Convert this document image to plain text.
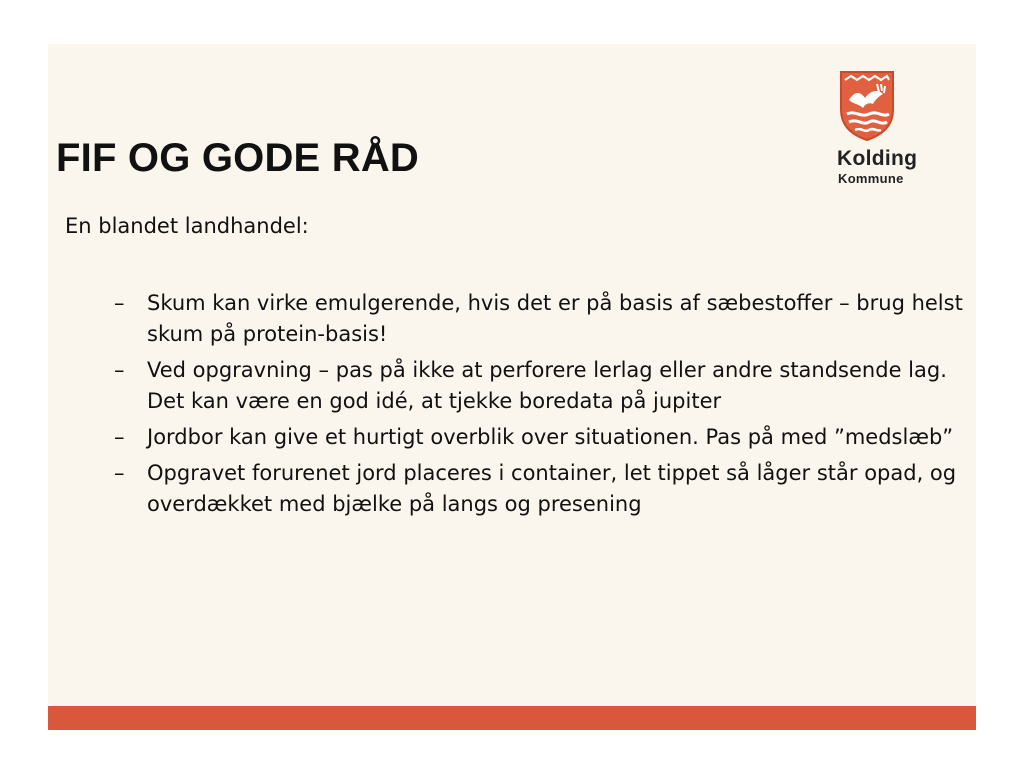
Kolding
Kommune
FIF OG GODE RÅD

En blandet landhandel:

– Skum kan virke emulgerende, hvis det er på basis af sæbestoffer – brug helst skum på protein-basis!
– Ved opgravning – pas på ikke at perforere lerlag eller andre standsende lag. Det kan være en god idé, at tjekke boredata på jupiter
– Jordbor kan give et hurtigt overblik over situationen. Pas på med ”medslæb”
– Opgravet forurenet jord placeres i container, let tippet så låger står opad, og overdækket med bjælke på langs og presening
